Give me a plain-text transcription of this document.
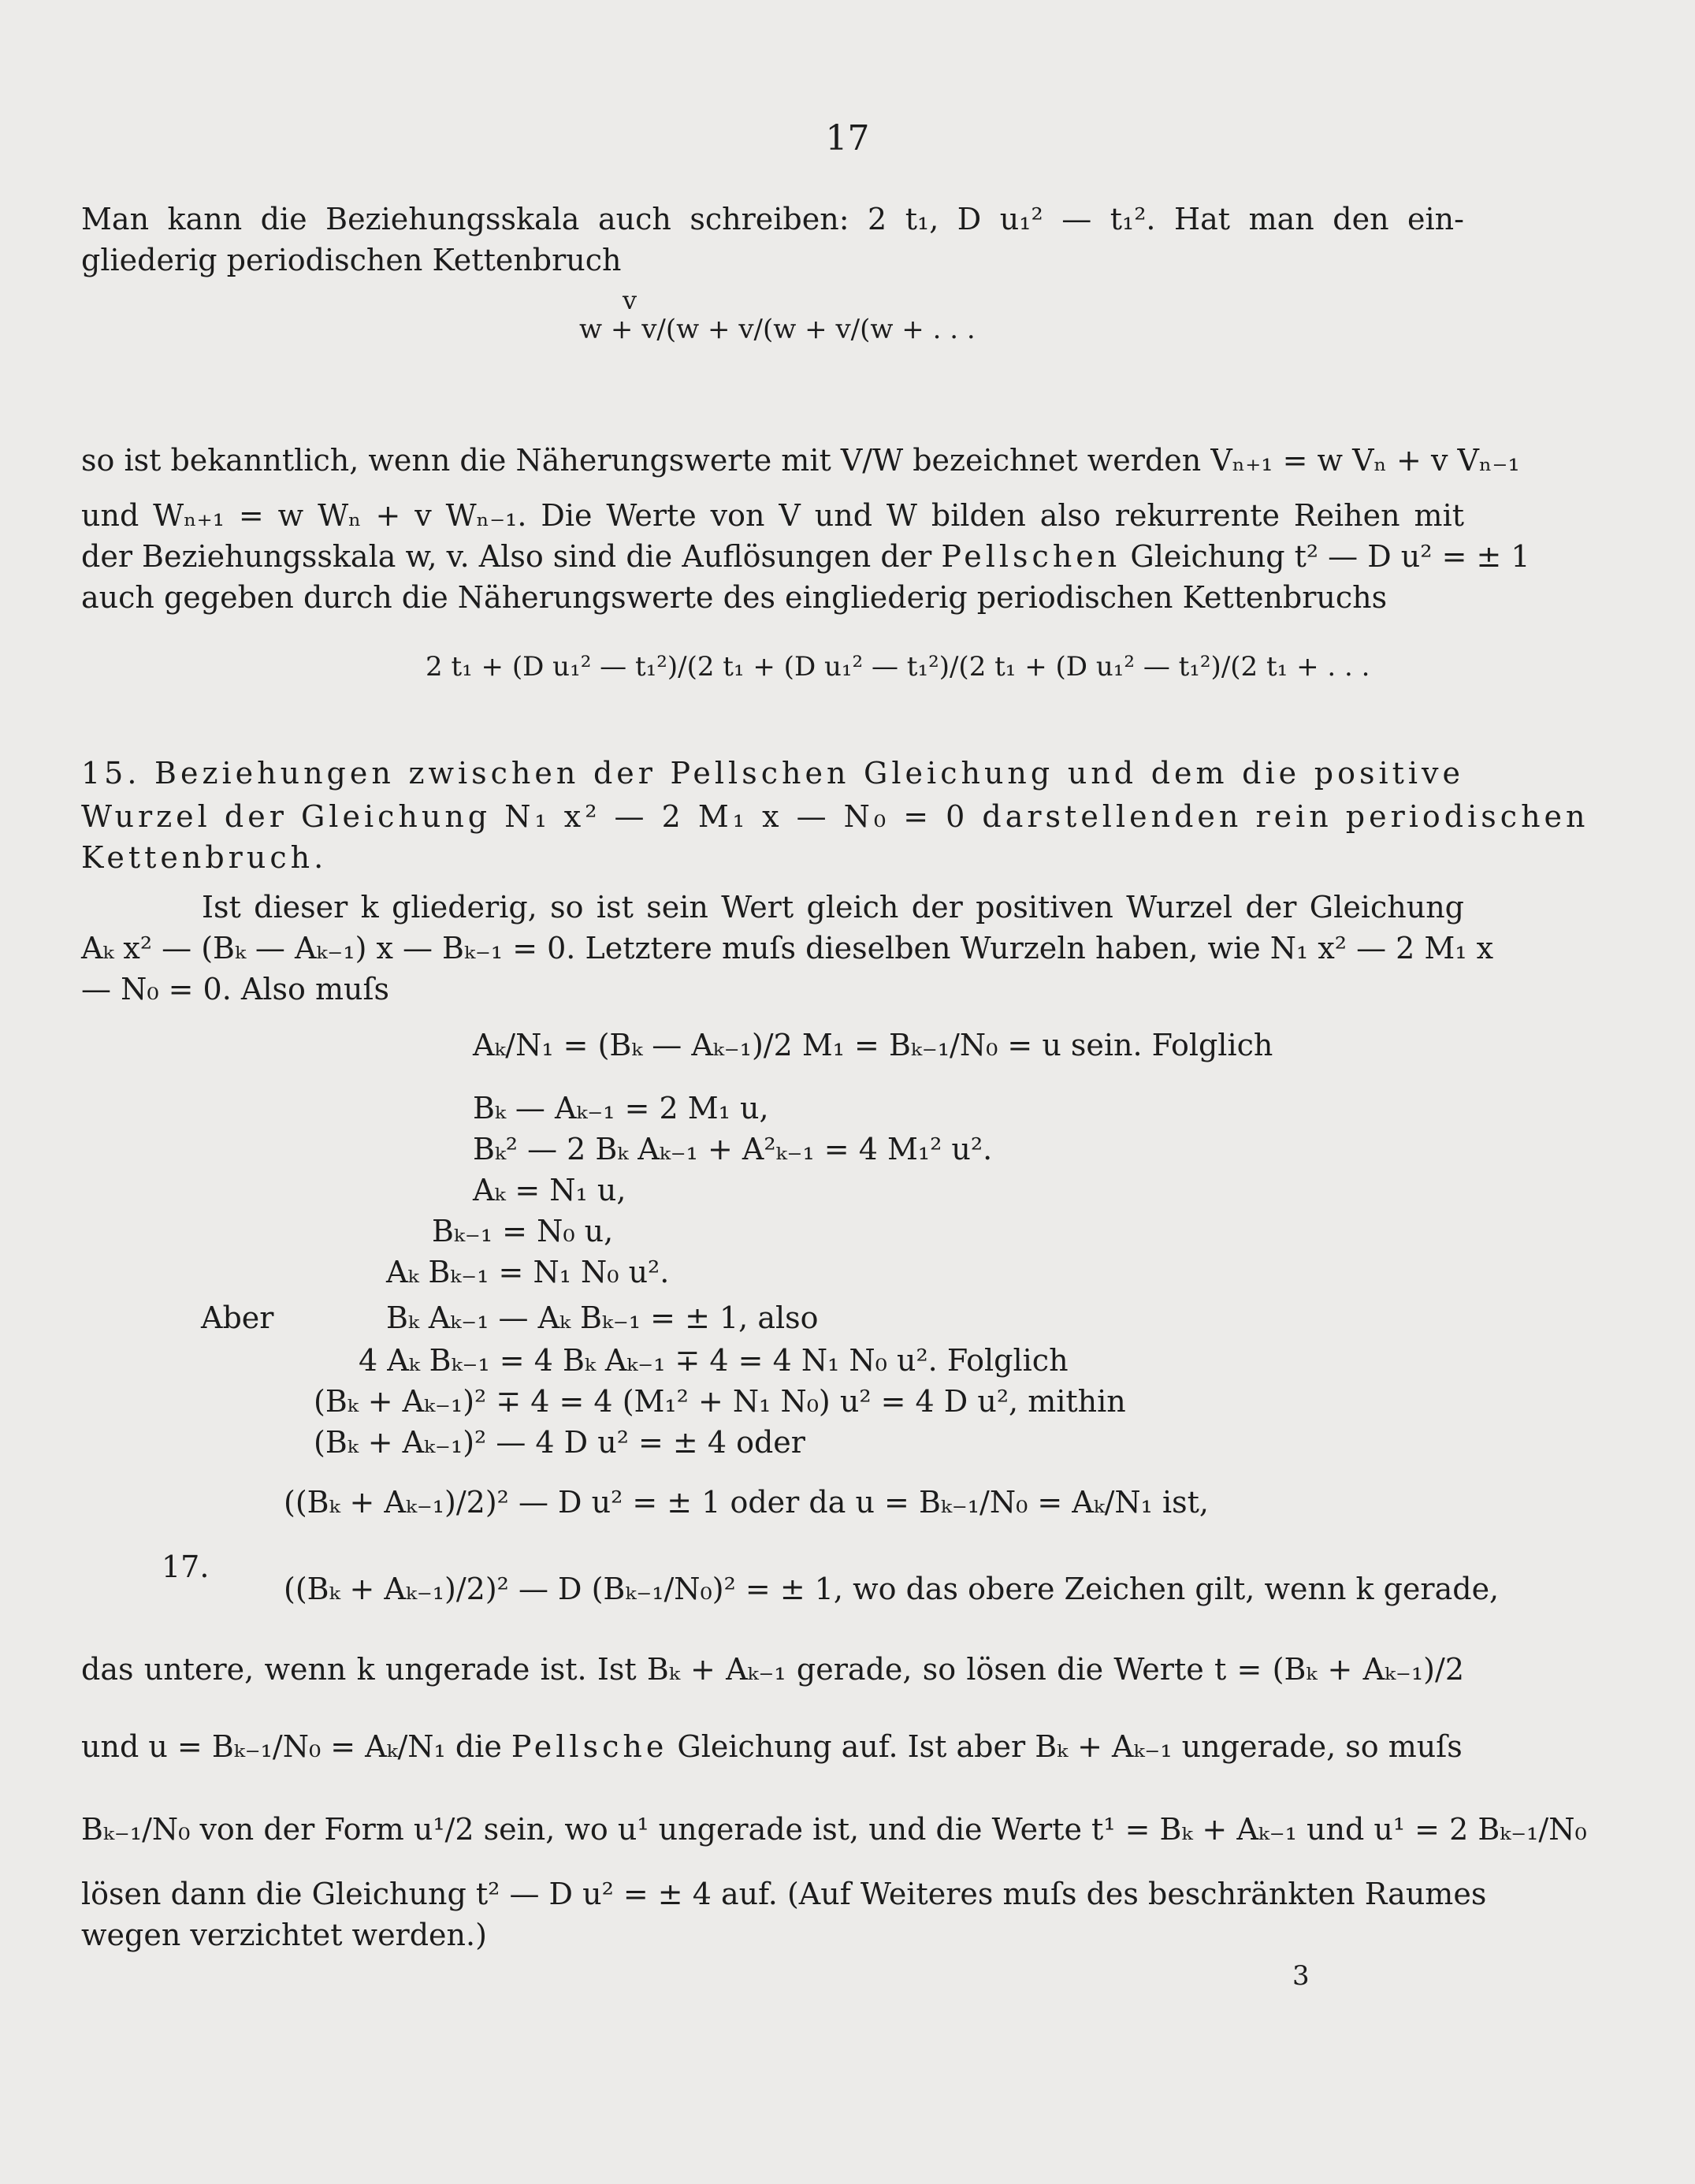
17
Man kann die Beziehungsskala auch schreiben: 2 t₁, D u₁² — t₁². Hat man den ein-
gliederig periodischen Kettenbruch
v
w + v/(w + v/(w + v/(w + . . .
so ist bekanntlich, wenn die Näherungswerte mit V/W bezeichnet werden Vₙ₊₁ = w Vₙ + v Vₙ₋₁
und Wₙ₊₁ = w Wₙ + v Wₙ₋₁. Die Werte von V und W bilden also rekurrente Reihen mit
der Beziehungsskala w, v. Also sind die Auflösungen der Pellschen Gleichung t² — D u² = ± 1
auch gegeben durch die Näherungswerte des eingliederig periodischen Kettenbruchs
2 t₁ + (D u₁² — t₁²)/(2 t₁ + (D u₁² — t₁²)/(2 t₁ + (D u₁² — t₁²)/(2 t₁ + . . .
15. Beziehungen zwischen der Pellschen Gleichung und dem die positive
Wurzel der Gleichung N₁ x² — 2 M₁ x — N₀ = 0 darstellenden rein periodischen
Kettenbruch.
Ist dieser k gliederig, so ist sein Wert gleich der positiven Wurzel der Gleichung
Aₖ x² — (Bₖ — Aₖ₋₁) x — Bₖ₋₁ = 0. Letztere muſs dieselben Wurzeln haben, wie N₁ x² — 2 M₁ x
— N₀ = 0. Also muſs
Aₖ/N₁ = (Bₖ — Aₖ₋₁)/2 M₁ = Bₖ₋₁/N₀ = u sein. Folglich
Bₖ — Aₖ₋₁ = 2 M₁ u,
Bₖ² — 2 Bₖ Aₖ₋₁ + A²ₖ₋₁ = 4 M₁² u².
Aₖ = N₁ u,
Bₖ₋₁ = N₀ u,
Aₖ Bₖ₋₁ = N₁ N₀ u².
Aber	Bₖ Aₖ₋₁ — Aₖ Bₖ₋₁ = ± 1, also
4 Aₖ Bₖ₋₁ = 4 Bₖ Aₖ₋₁ ∓ 4 = 4 N₁ N₀ u². Folglich
(Bₖ + Aₖ₋₁)² ∓ 4 = 4 (M₁² + N₁ N₀) u² = 4 D u², mithin
(Bₖ + Aₖ₋₁)² — 4 D u² = ± 4 oder
((Bₖ + Aₖ₋₁)/2)² — D u² = ± 1 oder da u = Bₖ₋₁/N₀ = Aₖ/N₁ ist,
17.
((Bₖ + Aₖ₋₁)/2)² — D (Bₖ₋₁/N₀)² = ± 1, wo das obere Zeichen gilt, wenn k gerade,
das untere, wenn k ungerade ist. Ist Bₖ + Aₖ₋₁ gerade, so lösen die Werte t = (Bₖ + Aₖ₋₁)/2
und u = Bₖ₋₁/N₀ = Aₖ/N₁ die Pellsche Gleichung auf. Ist aber Bₖ + Aₖ₋₁ ungerade, so muſs
Bₖ₋₁/N₀ von der Form u¹/2 sein, wo u¹ ungerade ist, und die Werte t¹ = Bₖ + Aₖ₋₁ und u¹ = 2 Bₖ₋₁/N₀
lösen dann die Gleichung t² — D u² = ± 4 auf. (Auf Weiteres muſs des beschränkten Raumes
wegen verzichtet werden.)
3
